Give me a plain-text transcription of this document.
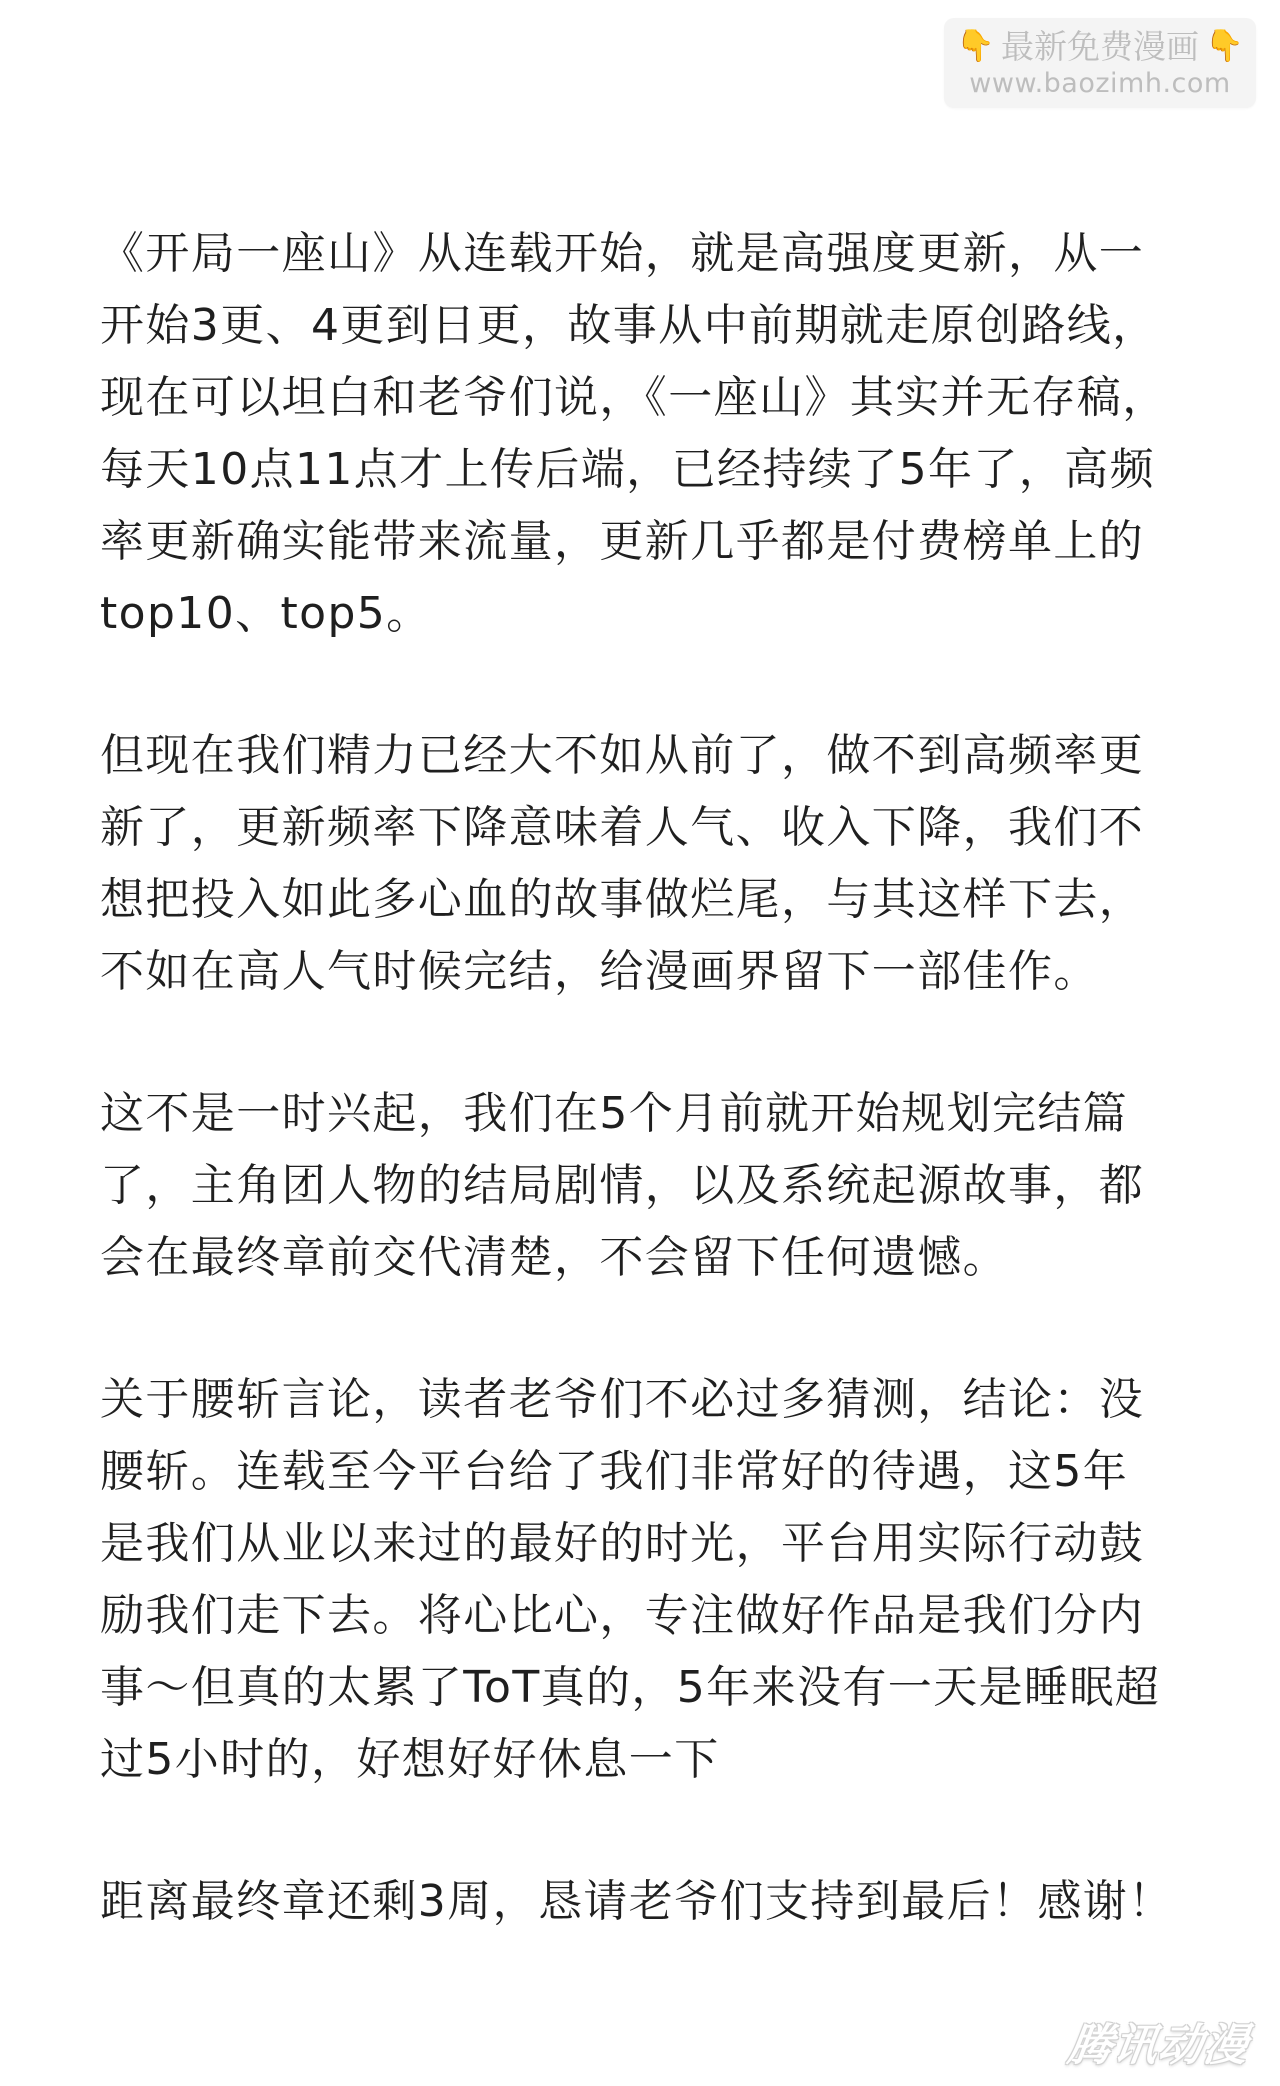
👇 最新免费漫画 👇
www.baozimh.com

《开局一座山》从连载开始，就是高强度更新，从一
开始3更、4更到日更，故事从中前期就走原创路线，
现在可以坦白和老爷们说，《一座山》其实并无存稿，
每天10点11点才上传后端，已经持续了5年了，高频
率更新确实能带来流量，更新几乎都是付费榜单上的
top10、top5。

但现在我们精力已经大不如从前了，做不到高频率更
新了，更新频率下降意味着人气、收入下降，我们不
想把投入如此多心血的故事做烂尾，与其这样下去，
不如在高人气时候完结，给漫画界留下一部佳作。

这不是一时兴起，我们在5个月前就开始规划完结篇
了，主角团人物的结局剧情，以及系统起源故事，都
会在最终章前交代清楚，不会留下任何遗憾。

关于腰斩言论，读者老爷们不必过多猜测，结论：没
腰斩。连载至今平台给了我们非常好的待遇，这5年
是我们从业以来过的最好的时光，平台用实际行动鼓
励我们走下去。将心比心，专注做好作品是我们分内
事～但真的太累了ToT真的，5年来没有一天是睡眠超
过5小时的，好想好好休息一下

距离最终章还剩3周，恳请老爷们支持到最后！感谢！

腾讯动漫
